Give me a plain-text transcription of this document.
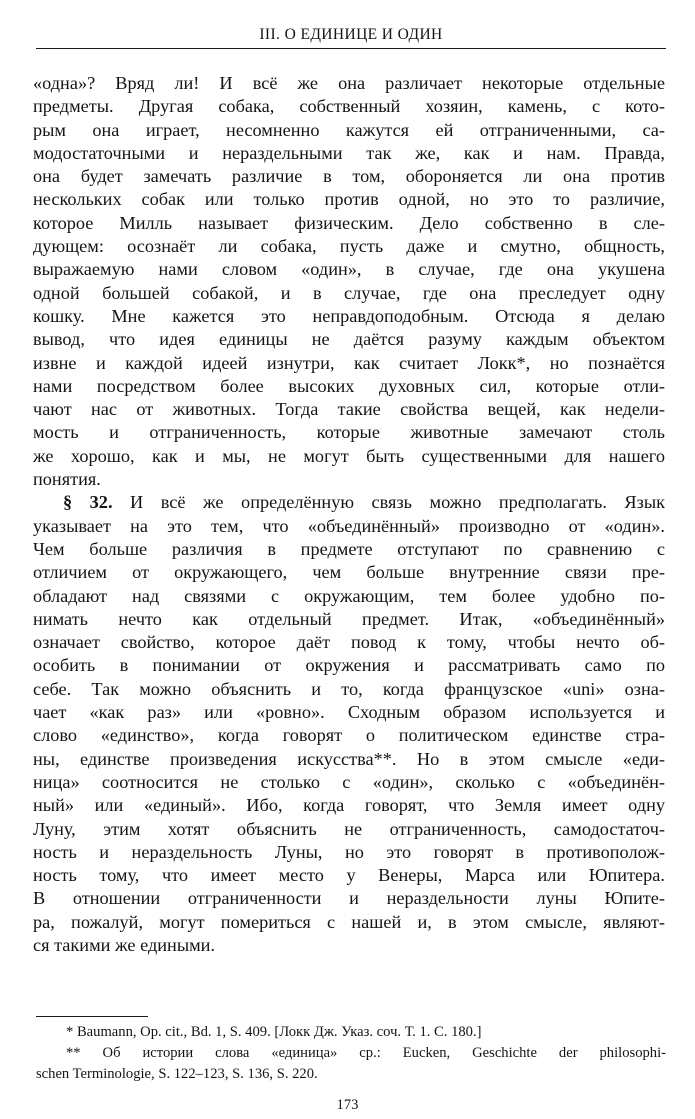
III. О ЕДИНИЦЕ И ОДИН
«одна»? Вряд ли! И всё же она различает некоторые отдельные
предметы. Другая собака, собственный хозяин, камень, с кото-
рым она играет, несомненно кажутся ей отграниченными, са-
модостаточными и нераздельными так же, как и нам. Правда,
она будет замечать различие в том, обороняется ли она против
нескольких собак или только против одной, но это то различие,
которое Милль называет физическим. Дело собственно в сле-
дующем: осознаёт ли собака, пусть даже и смутно, общность,
выражаемую нами словом «один», в случае, где она укушена
одной большей собакой, и в случае, где она преследует одну
кошку. Мне кажется это неправдоподобным. Отсюда я делаю
вывод, что идея единицы не даётся разуму каждым объектом
извне и каждой идеей изнутри, как считает Локк*, но познаётся
нами посредством более высоких духовных сил, которые отли-
чают нас от животных. Тогда такие свойства вещей, как недели-
мость и отграниченность, которые животные замечают столь
же хорошо, как и мы, не могут быть существенными для нашего
понятия.
§ 32. И всё же определённую связь можно предполагать. Язык
указывает на это тем, что «объединённый» производно от «один».
Чем больше различия в предмете отступают по сравнению с
отличием от окружающего, чем больше внутренние связи пре-
обладают над связями с окружающим, тем более удобно по-
нимать нечто как отдельный предмет. Итак, «объединённый»
означает свойство, которое даёт повод к тому, чтобы нечто об-
особить в понимании от окружения и рассматривать само по
себе. Так можно объяснить и то, когда французское «uni» озна-
чает «как раз» или «ровно». Сходным образом используется и
слово «единство», когда говорят о политическом единстве стра-
ны, единстве произведения искусства**. Но в этом смысле «еди-
ница» соотносится не столько с «один», сколько с «объединён-
ный» или «единый». Ибо, когда говорят, что Земля имеет одну
Луну, этим хотят объяснить не отграниченность, самодостаточ-
ность и нераздельность Луны, но это говорят в противополож-
ность тому, что имеет место у Венеры, Марса или Юпитера.
В отношении отграниченности и нераздельности луны Юпите-
ра, пожалуй, могут помериться с нашей и, в этом смысле, являют-
ся такими же едиными.
* Baumann, Op. cit., Bd. 1, S. 409. [Локк Дж. Указ. соч. Т. 1. С. 180.]
** Об истории слова «единица» ср.: Eucken, Geschichte der philosophi-
schen Terminologie, S. 122–123, S. 136, S. 220.
173
